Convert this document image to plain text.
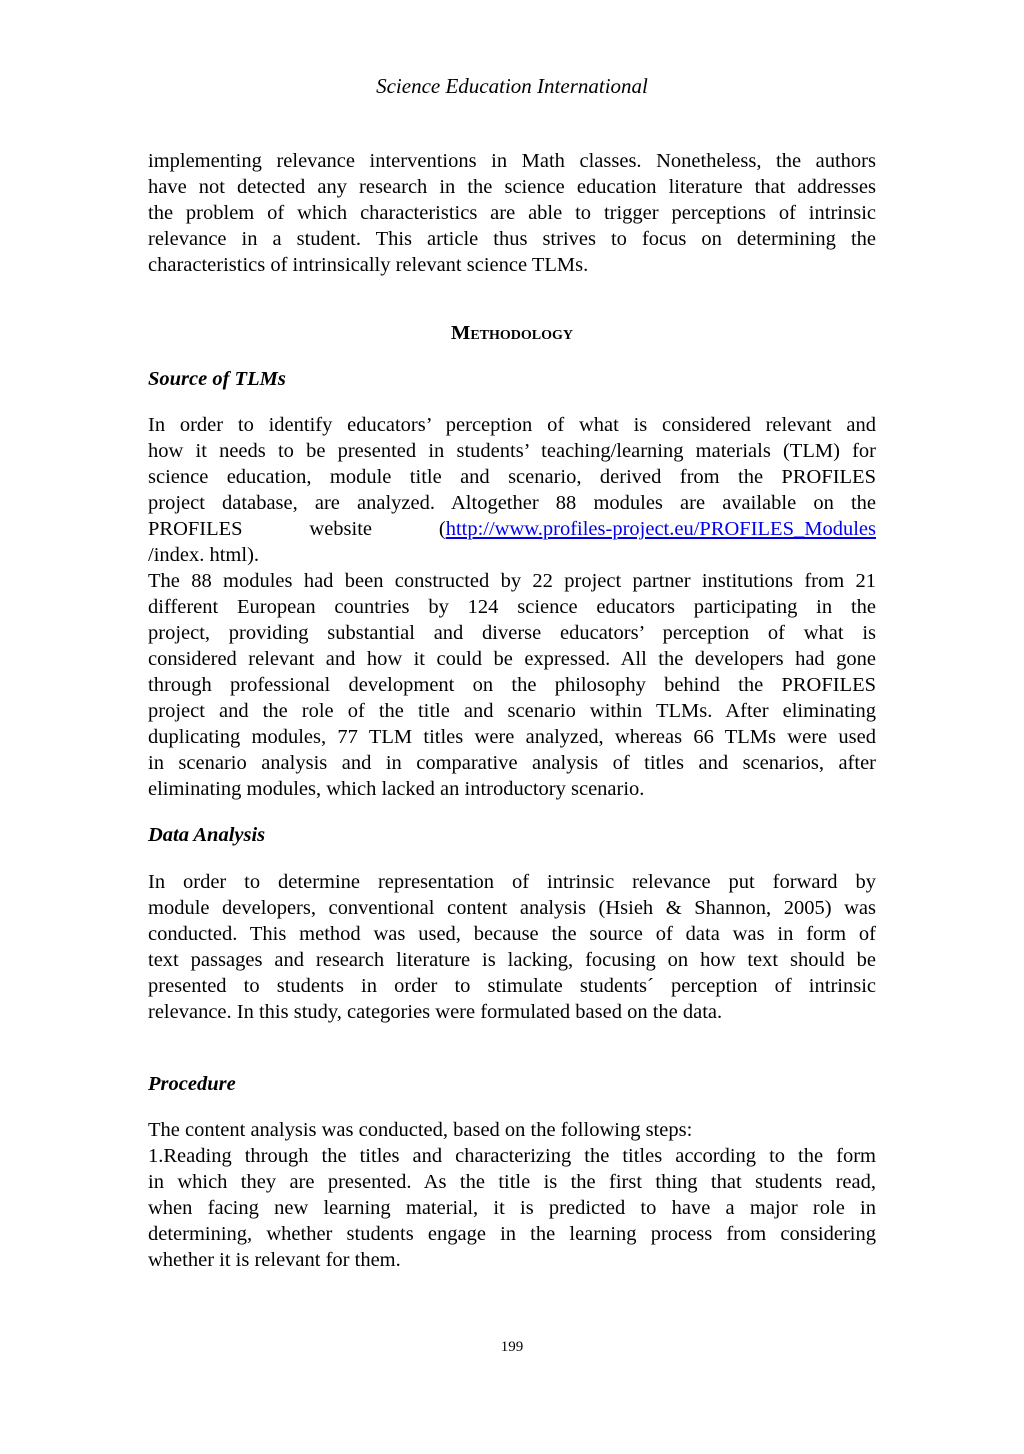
Science Education International
implementing relevance interventions in Math classes. Nonetheless, the authors
have not detected any research in the science education literature that addresses
the problem of which characteristics are able to trigger perceptions of intrinsic
relevance in a student. This article thus strives to focus on determining the
characteristics of intrinsically relevant science TLMs.
Methodology
Source of TLMs
In order to identify educators’ perception of what is considered relevant and
how it needs to be presented in students’ teaching/learning materials (TLM) for
science education, module title and scenario, derived from the PROFILES
project database, are analyzed. Altogether 88 modules are available on the
PROFILES	website	(http://www.profiles-project.eu/PROFILES_Modules
/index. html).
The 88 modules had been constructed by 22 project partner institutions from 21
different European countries by 124 science educators participating in the
project, providing substantial and diverse educators’ perception of what is
considered relevant and how it could be expressed. All the developers had gone
through professional development on the philosophy behind the PROFILES
project and the role of the title and scenario within TLMs. After eliminating
duplicating modules, 77 TLM titles were analyzed, whereas 66 TLMs were used
in scenario analysis and in comparative analysis of titles and scenarios, after
eliminating modules, which lacked an introductory scenario.
Data Analysis
In order to determine representation of intrinsic relevance put forward by
module developers, conventional content analysis (Hsieh & Shannon, 2005) was
conducted. This method was used, because the source of data was in form of
text passages and research literature is lacking, focusing on how text should be
presented to students in order to stimulate students´ perception of intrinsic
relevance. In this study, categories were formulated based on the data.
Procedure
The content analysis was conducted, based on the following steps:
1.Reading through the titles and characterizing the titles according to the form
in which they are presented. As the title is the first thing that students read,
when facing new learning material, it is predicted to have a major role in
determining, whether students engage in the learning process from considering
whether it is relevant for them.
199
